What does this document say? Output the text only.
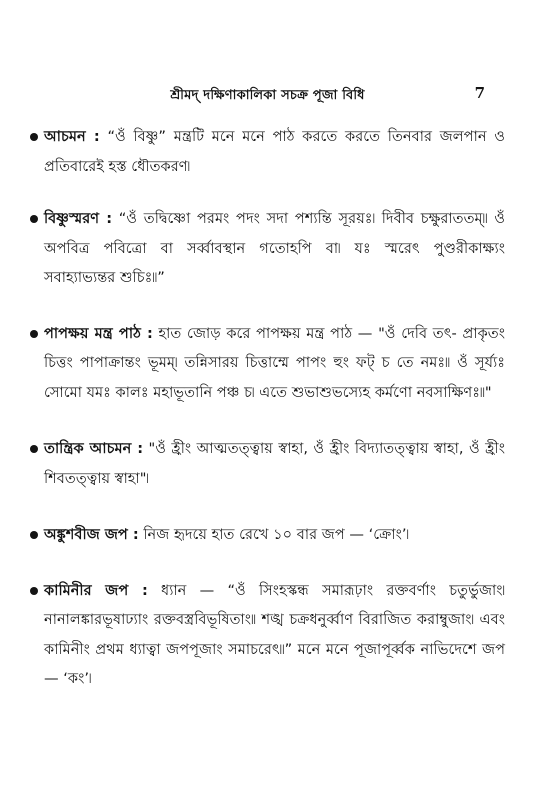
শ্রীমদ্ দক্ষিণাকালিকা সচক্র পূজা বিধি	7
আচমন : “ওঁ বিষ্ণু” মন্ত্রটি মনে মনে পাঠ করতে করতে তিনবার জলপান ও প্রতিবারেই হস্ত ধৌতকরণ৷
বিষ্ণুস্মরণ : “ওঁ তদ্বিষ্ণো পরমং পদং সদা পশ্যন্তি সূরয়ঃ৷ দিবীব চক্ষুরাততম্৷৷ ওঁ অপবিত্র পবিত্রো বা সর্ব্বাবস্থান গতোহপি বা৷ যঃ স্মরেৎ পুণ্ডরীকাক্ষ্যং সবাহ্যাভ্যন্তর শুচিঃ৷৷”
পাপক্ষয় মন্ত্র পাঠ : হাত জোড় করে পাপক্ষয় মন্ত্র পাঠ — "ওঁ দেবি তৎ- প্রাকৃতং চিত্তং পাপাক্রান্তং ভূমম্৷ তন্নিসারয় চিত্তাম্মে পাপং হুং ফট্ চ তে নমঃ৷৷ ওঁ সূর্য্যঃ সোমো যমঃ কালঃ মহাভূতানি পঞ্চ চ৷ এতে শুভাশুভস্যেহ কর্মণো নবসাক্ষিণঃ৷৷"
তান্ত্রিক আচমন : "ওঁ হ্রীং আত্মতত্ত্বায় স্বাহা, ওঁ হ্রীং বিদ্যাতত্ত্বায় স্বাহা, ওঁ হ্রীং শিবতত্ত্বায় স্বাহা"৷
অঙ্কুশবীজ জপ : নিজ হৃদয়ে হাত রেখে ১০ বার জপ — ‘ক্রোং’৷
কামিনীর জপ : ধ্যান — “ওঁ সিংহস্কন্ধ সমারূঢ়াং রক্তবর্ণাং চতুর্ভুজাং৷ নানালঙ্কারভূষাঢ্যাং রক্তবস্ত্রবিভূষিতাং৷৷ শঙ্খ চক্রধনুর্ব্বাণ বিরাজিত করাম্বুজাং৷ এবং কামিনীং প্রথম ধ্যাত্বা জপপূজাং সমাচরেৎ৷৷” মনে মনে পূজাপূর্ব্বক নাভিদেশে জপ — ‘কং’৷
